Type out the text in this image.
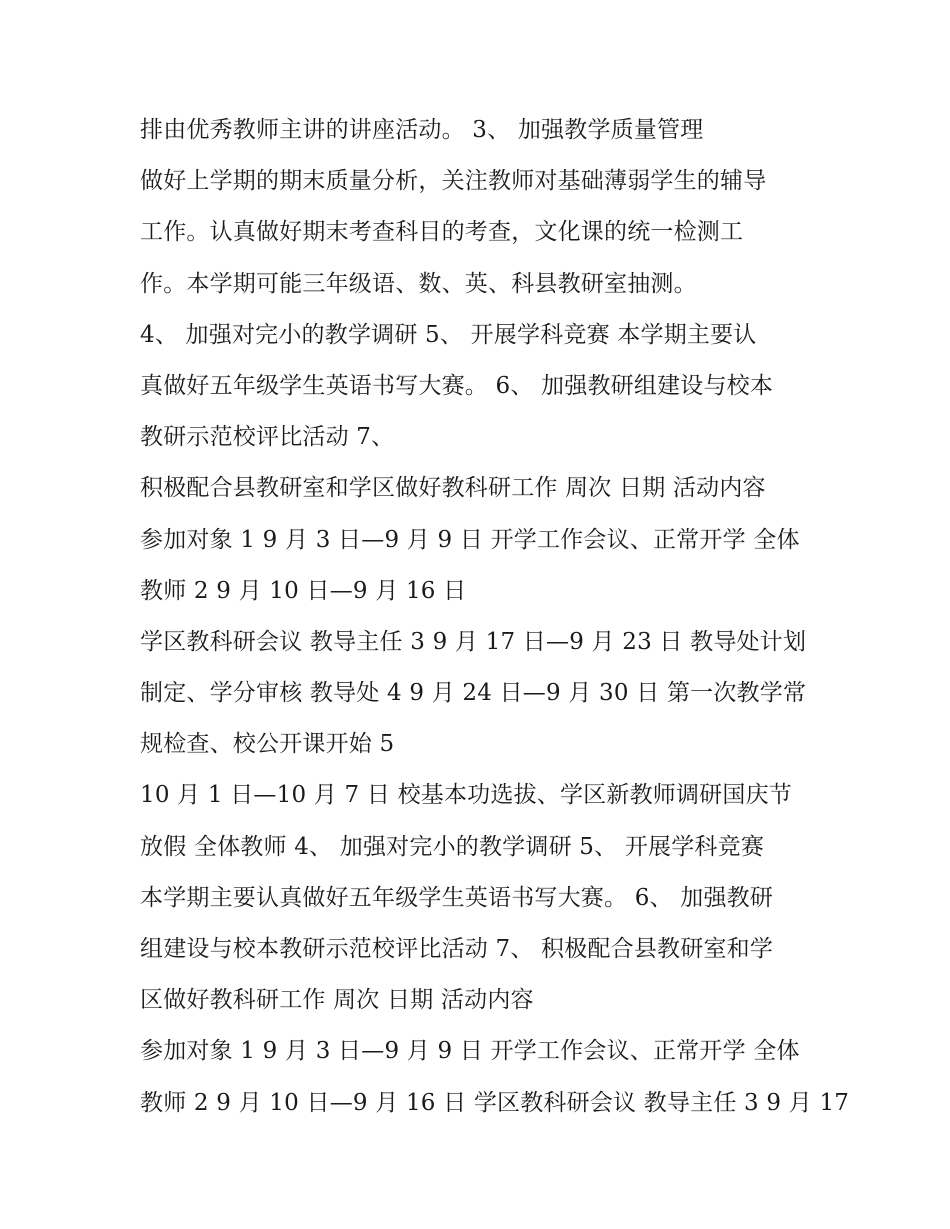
排由优秀教师主讲的讲座活动。 3、 加强教学质量管理
做好上学期的期末质量分析，关注教师对基础薄弱学生的辅导
工作。认真做好期末考查科目的考查，文化课的统一检测工
作。本学期可能三年级语、数、英、科县教研室抽测。
4、 加强对完小的教学调研 5、 开展学科竞赛 本学期主要认
真做好五年级学生英语书写大赛。 6、 加强教研组建设与校本
教研示范校评比活动 7、
积极配合县教研室和学区做好教科研工作 周次 日期 活动内容
参加对象 1 9 月 3 日—9 月 9 日 开学工作会议、正常开学 全体
教师 2 9 月 10 日—9 月 16 日
学区教科研会议 教导主任 3 9 月 17 日—9 月 23 日 教导处计划
制定、学分审核 教导处 4 9 月 24 日—9 月 30 日 第一次教学常
规检查、校公开课开始 5
10 月 1 日—10 月 7 日 校基本功选拔、学区新教师调研国庆节
放假 全体教师 4、 加强对完小的教学调研 5、 开展学科竞赛
本学期主要认真做好五年级学生英语书写大赛。 6、 加强教研
组建设与校本教研示范校评比活动 7、 积极配合县教研室和学
区做好教科研工作 周次 日期 活动内容
参加对象 1 9 月 3 日—9 月 9 日 开学工作会议、正常开学 全体
教师 2 9 月 10 日—9 月 16 日 学区教科研会议 教导主任 3 9 月 17
